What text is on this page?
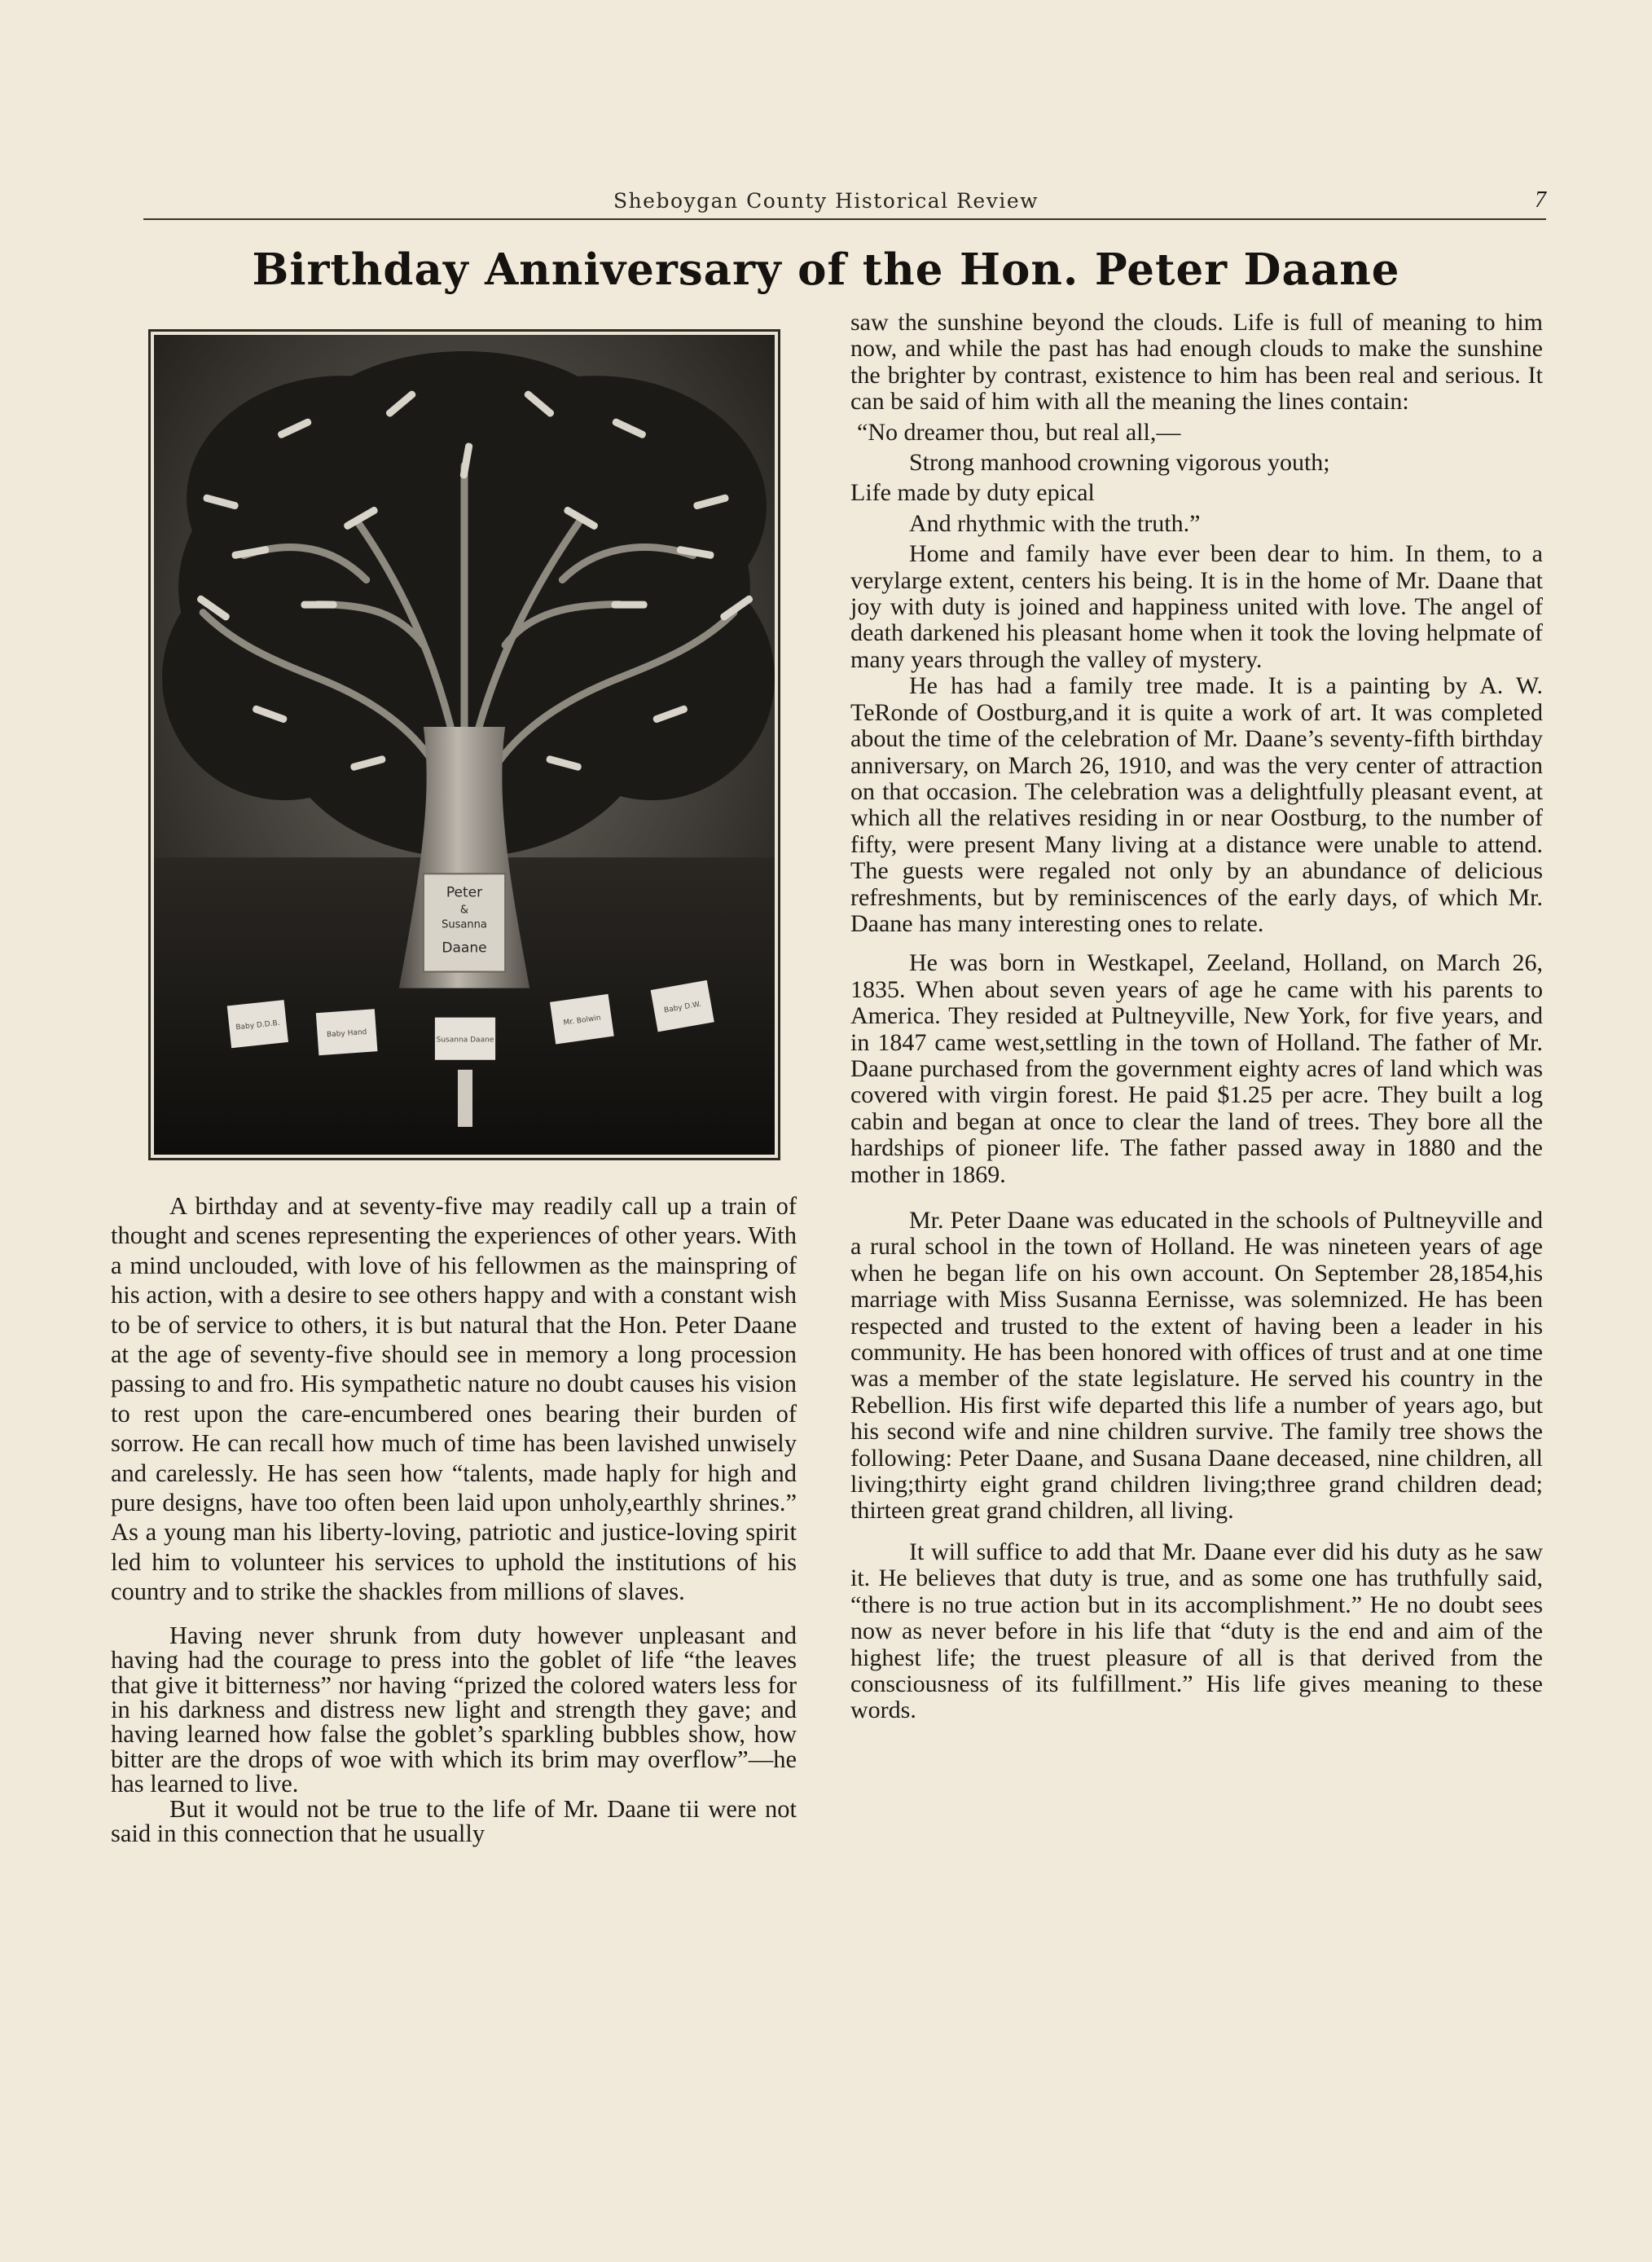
Sheboygan County Historical Review	7
Birthday Anniversary of the Hon. Peter Daane
Peter
&
Susanna
Daane
Baby D.D.B.
Baby Hand
Susanna Daane
Mr. Bolwin
Baby D.W.

A birthday and at seventy-five may readily call up a train of thought and scenes representing the experiences of other years. With a mind unclouded, with love of his fellowmen as the mainspring of his action, with a desire to see others happy and with a constant wish to be of service to others, it is but natural that the Hon. Peter Daane at the age of seventy-five should see in memory a long procession passing to and fro. His sympathetic nature no doubt causes his vision to rest upon the care-encumbered ones bearing their burden of sorrow. He can recall how much of time has been lavished unwisely and carelessly. He has seen how “talents, made haply for high and pure designs, have too often been laid upon unholy,earthly shrines.” As a young man his liberty-loving, patriotic and justice-loving spirit led him to volunteer his services to uphold the institutions of his country and to strike the shackles from millions of slaves.

Having never shrunk from duty however unpleasant and having had the courage to press into the goblet of life “the leaves that give it bitterness” nor having “prized the colored waters less for in his darkness and distress new light and strength they gave; and having learned how false the goblet’s sparkling bubbles show, how bitter are the drops of woe with which its brim may overflow”—he has learned to live.

But it would not be true to the life of Mr. Daane tii were not said in this connection that he usually

saw the sunshine beyond the clouds. Life is full of meaning to him now, and while the past has had enough clouds to make the sunshine the brighter by contrast, existence to him has been real and serious. It can be said of him with all the meaning the lines contain:

“No dreamer thou, but real all,—
Strong manhood crowning vigorous youth;
Life made by duty epical
And rhythmic with the truth.”

Home and family have ever been dear to him. In them, to a verylarge extent, centers his being. It is in the home of Mr. Daane that joy with duty is joined and happiness united with love. The angel of death darkened his pleasant home when it took the loving helpmate of many years through the valley of mystery.

He has had a family tree made. It is a painting by A. W. TeRonde of Oostburg,and it is quite a work of art. It was completed about the time of the celebration of Mr. Daane’s seventy-fifth birthday anniversary, on March 26, 1910, and was the very center of attraction on that occasion. The celebration was a delightfully pleasant event, at which all the relatives residing in or near Oostburg, to the number of fifty, were present Many living at a distance were unable to attend. The guests were regaled not only by an abundance of delicious refreshments, but by reminiscences of the early days, of which Mr. Daane has many interesting ones to relate.

He was born in Westkapel, Zeeland, Holland, on March 26, 1835. When about seven years of age he came with his parents to America. They resided at Pultneyville, New York, for five years, and in 1847 came west,settling in the town of Holland. The father of Mr. Daane purchased from the government eighty acres of land which was covered with virgin forest. He paid $1.25 per acre. They built a log cabin and began at once to clear the land of trees. They bore all the hardships of pioneer life. The father passed away in 1880 and the mother in 1869.

Mr. Peter Daane was educated in the schools of Pultneyville and a rural school in the town of Holland. He was nineteen years of age when he began life on his own account. On September 28,1854,his marriage with Miss Susanna Eernisse, was solemnized. He has been respected and trusted to the extent of having been a leader in his community. He has been honored with offices of trust and at one time was a member of the state legislature. He served his country in the Rebellion. His first wife departed this life a number of years ago, but his second wife and nine children survive. The family tree shows the following: Peter Daane, and Susana Daane deceased, nine children, all living;thirty eight grand children living;three grand children dead; thirteen great grand children, all living.

It will suffice to add that Mr. Daane ever did his duty as he saw it. He believes that duty is true, and as some one has truthfully said, “there is no true action but in its accomplishment.” He no doubt sees now as never before in his life that “duty is the end and aim of the highest life; the truest pleasure of all is that derived from the consciousness of its fulfillment.” His life gives meaning to these words.
